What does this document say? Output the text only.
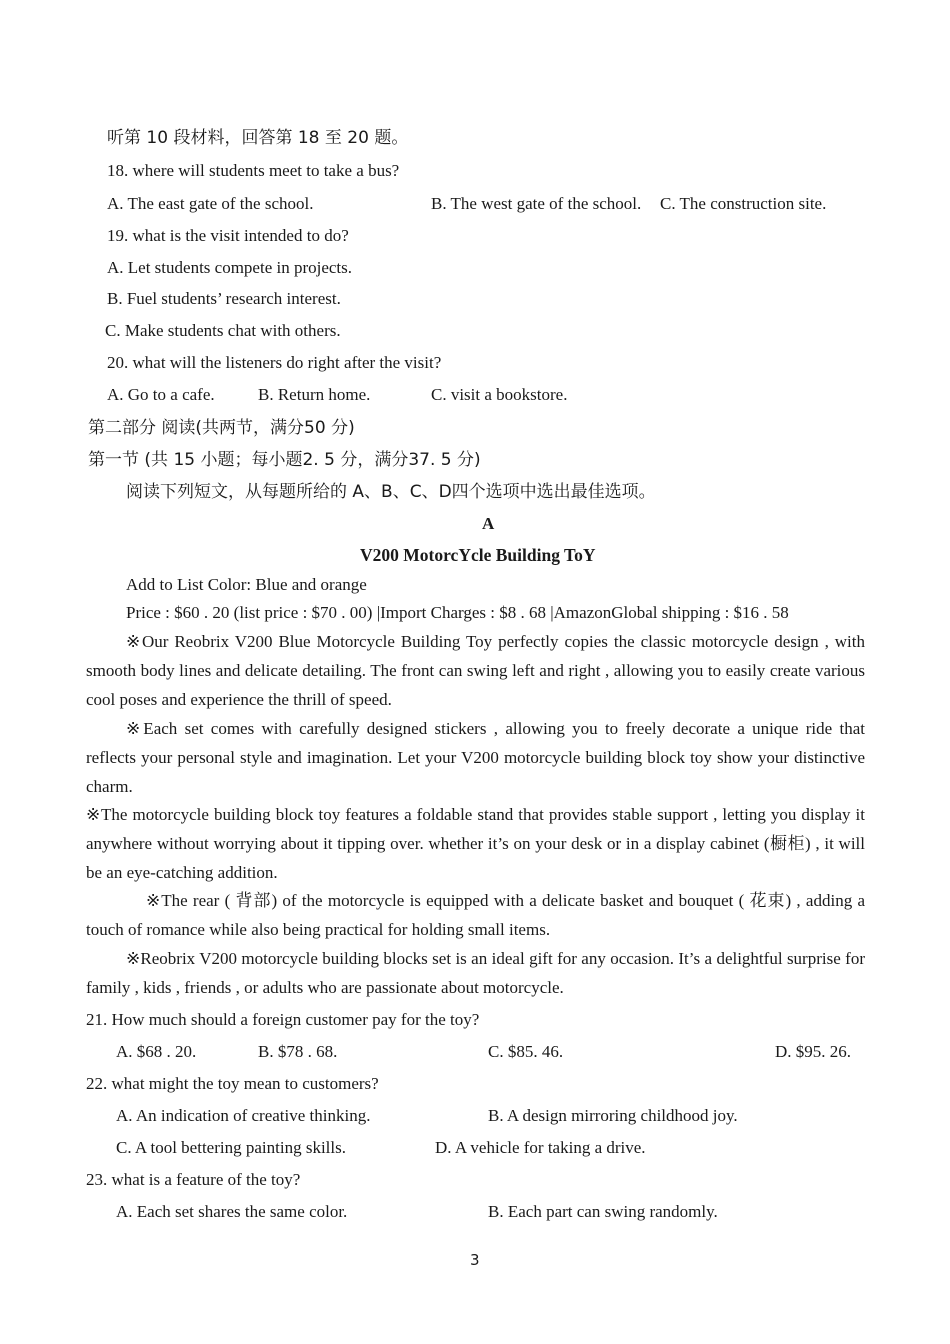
听第 10 段材料，回答第 18 至 20 题。
18. where will students meet to take a bus?
A. The east gate of the school.	B. The west gate of the school. C. The construction site.
19. what is the visit intended to do?
A. Let students compete in projects.
B. Fuel students’ research interest.
C. Make students chat with others.
20. what will the listeners do right after the visit?
A. Go to a cafe.	B. Return home.	C. visit a bookstore.
第二部分 阅读(共两节，满分50 分)
第一节 (共 15 小题；每小题2. 5 分，满分37. 5 分)
阅读下列短文，从每题所给的 A、B、C、D四个选项中选出最佳选项。
A
V200 MotorcYcle Building ToY
Add to List Color: Blue and orange
Price : $60 . 20 (list price : $70 . 00) |Import Charges : $8 . 68 |AmazonGlobal shipping : $16 . 58
※Our Reobrix V200 Blue Motorcycle Building Toy perfectly copies the classic motorcycle design , with smooth body lines and delicate detailing. The front can swing left and right , allowing you to easily create various cool poses and experience the thrill of speed.
※Each set comes with carefully designed stickers , allowing you to freely decorate a unique ride that reflects your personal style and imagination. Let your V200 motorcycle building block toy show your distinctive charm.
※The motorcycle building block toy features a foldable stand that provides stable support , letting you display it anywhere without worrying about it tipping over. whether it’s on your desk or in a display cabinet (橱柜) , it will be an eye-catching addition.
※The rear ( 背部) of the motorcycle is equipped with a delicate basket and bouquet ( 花束) , adding a touch of romance while also being practical for holding small items.
※Reobrix V200 motorcycle building blocks set is an ideal gift for any occasion. It’s a delightful surprise for family , kids , friends , or adults who are passionate about motorcycle.
21. How much should a foreign customer pay for the toy?
A. $68 . 20.	B. $78 . 68.	C. $85. 46.	D. $95. 26.
22. what might the toy mean to customers?
A. An indication of creative thinking.	B. A design mirroring childhood joy.
C. A tool bettering painting skills.	D. A vehicle for taking a drive.
23. what is a feature of the toy?
A. Each set shares the same color.	B. Each part can swing randomly.
3
